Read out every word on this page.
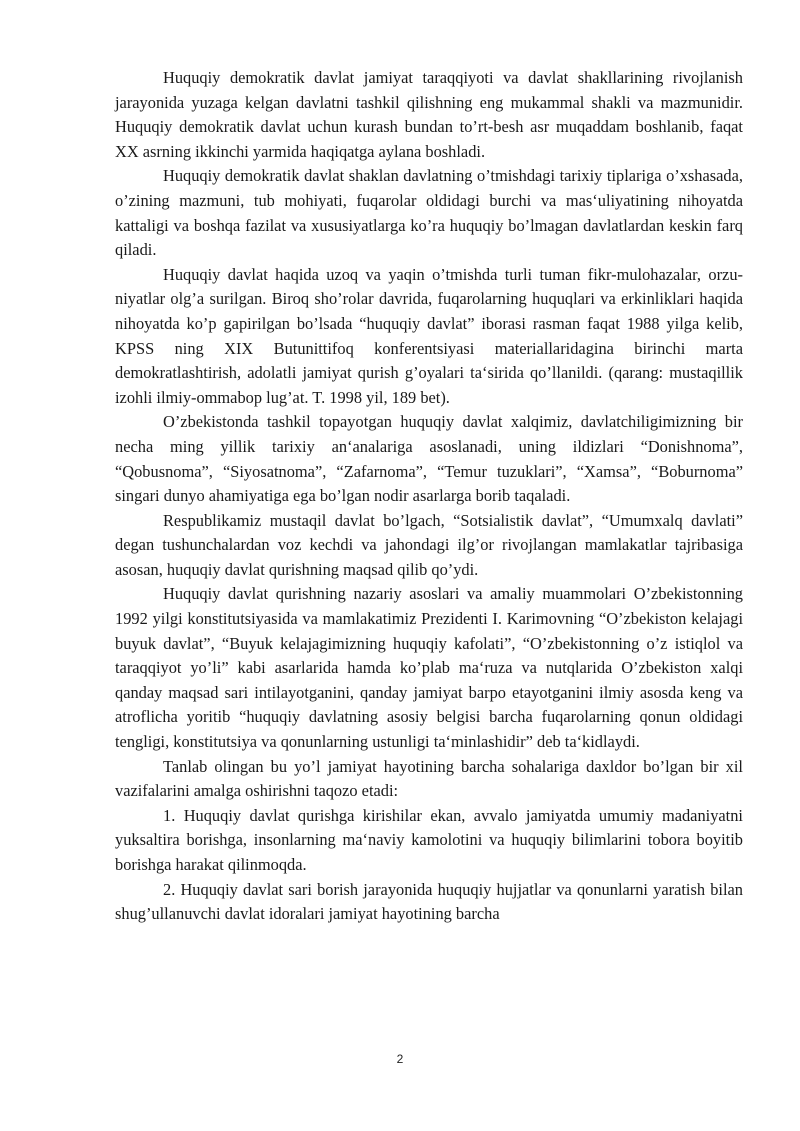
Huquqiy demokratik davlat jamiyat taraqqiyoti va davlat shakllarining rivojlanish jarayonida yuzaga kelgan davlatni tashkil qilishning eng mukammal shakli va mazmunidir. Huquqiy demokratik davlat uchun kurash bundan to’rt-besh asr muqaddam boshlanib, faqat XX asrning ikkinchi yarmida haqiqatga aylana boshladi.

Huquqiy demokratik davlat shaklan davlatning o’tmishdagi tarixiy tiplariga o’xshasada, o’zining mazmuni, tub mohiyati, fuqarolar oldidagi burchi va mas‘uliyatining nihoyatda kattaligi va boshqa fazilat va xususiyatlarga ko’ra huquqiy bo’lmagan davlatlardan keskin farq qiladi.

Huquqiy davlat haqida uzoq va yaqin o’tmishda turli tuman fikr-mulohazalar, orzu-niyatlar olg’a surilgan. Biroq sho’rolar davrida, fuqarolarning huquqlari va erkinliklari haqida nihoyatda ko’p gapirilgan bo’lsada “huquqiy davlat” iborasi rasman faqat 1988 yilga kelib, KPSS ning XIX Butunittifoq konferentsiyasi materiallaridagina birinchi marta demokratlashtirish, adolatli jamiyat qurish g’oyalari ta‘sirida qo’llanildi. (qarang: mustaqillik izohli ilmiy-ommabop lug’at. T. 1998 yil, 189 bet).

O’zbekistonda tashkil topayotgan huquqiy davlat xalqimiz, davlatchiligimizning bir necha ming yillik tarixiy an‘analariga asoslanadi, uning ildizlari “Donishnoma”, “Qobusnoma”, “Siyosatnoma”, “Zafarnoma”, “Temur tuzuklari”, “Xamsa”, “Boburnoma” singari dunyo ahamiyatiga ega bo’lgan nodir asarlarga borib taqaladi.

Respublikamiz mustaqil davlat bo’lgach, “Sotsialistik davlat”, “Umumxalq davlati” degan tushunchalardan voz kechdi va jahondagi ilg’or rivojlangan mamlakatlar tajribasiga asosan, huquqiy davlat qurishning maqsad qilib qo’ydi.

Huquqiy davlat qurishning nazariy asoslari va amaliy muammolari O’zbekistonning 1992 yilgi konstitutsiyasida va mamlakatimiz Prezidenti I. Karimovning “O’zbekiston kelajagi buyuk davlat”, “Buyuk kelajagimizning huquqiy kafolati”, “O’zbekistonning o’z istiqlol va taraqqiyot yo’li” kabi asarlarida hamda ko’plab ma‘ruza va nutqlarida O’zbekiston xalqi qanday maqsad sari intilayotganini, qanday jamiyat barpo etayotganini ilmiy asosda keng va atroflicha yoritib “huquqiy davlatning asosiy belgisi barcha fuqarolarning qonun oldidagi tengligi, konstitutsiya va qonunlarning ustunligi ta‘minlashidir” deb ta‘kidlaydi.

Tanlab olingan bu yo’l jamiyat hayotining barcha sohalariga daxldor bo’lgan bir xil vazifalarini amalga oshirishni taqozo etadi:

1. Huquqiy davlat qurishga kirishilar ekan, avvalo jamiyatda umumiy madaniyatni yuksaltira borishga, insonlarning ma‘naviy kamolotini va huquqiy bilimlarini tobora boyitib borishga harakat qilinmoqda.

2. Huquqiy davlat sari borish jarayonida huquqiy hujjatlar va qonunlarni yaratish bilan shug’ullanuvchi davlat idoralari jamiyat hayotining barcha

2
